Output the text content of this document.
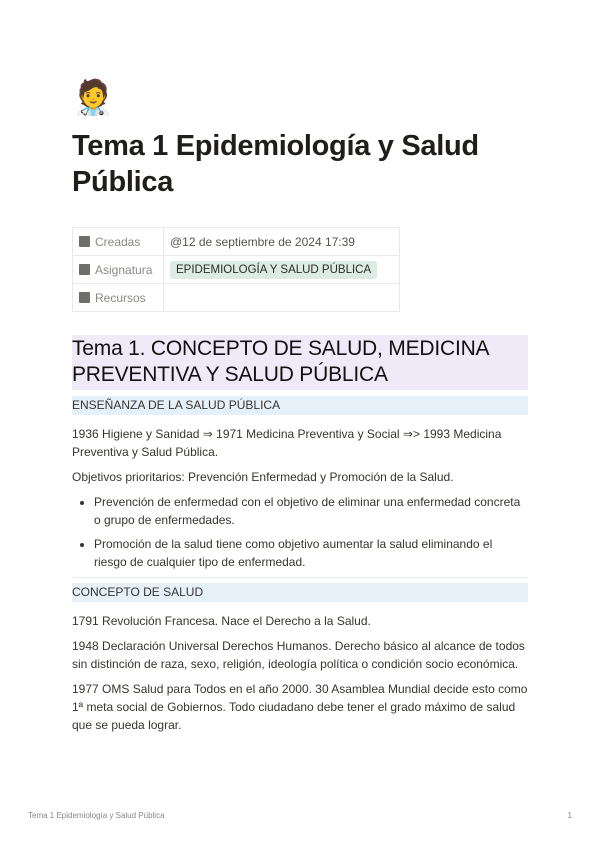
🧑‍⚕️
Tema 1 Epidemiología y Salud Pública
Creadas	@12 de septiembre de 2024 17:39
Asignatura	EPIDEMIOLOGÍA Y SALUD PÚBLICA
Recursos	
Tema 1. CONCEPTO DE SALUD, MEDICINA PREVENTIVA Y SALUD PÚBLICA
ENSEÑANZA DE LA SALUD PÚBLICA

1936 Higiene y Sanidad ⇒ 1971 Medicina Preventiva y Social ⇒> 1993 Medicina Preventiva y Salud Pública.

Objetivos prioritarios: Prevención Enfermedad y Promoción de la Salud.

• Prevención de enfermedad con el objetivo de eliminar una enfermedad concreta o grupo de enfermedades.
• Promoción de la salud tiene como objetivo aumentar la salud eliminando el riesgo de cualquier tipo de enfermedad.
CONCEPTO DE SALUD

1791 Revolución Francesa. Nace el Derecho a la Salud.

1948 Declaración Universal Derechos Humanos. Derecho básico al alcance de todos sin distinción de raza, sexo, religión, ideología política o condición socio económica.

1977 OMS Salud para Todos en el año 2000. 30 Asamblea Mundial decide esto como 1ª meta social de Gobiernos. Todo ciudadano debe tener el grado máximo de salud que se pueda lograr.

Tema 1 Epidemiología y Salud Pública	1
